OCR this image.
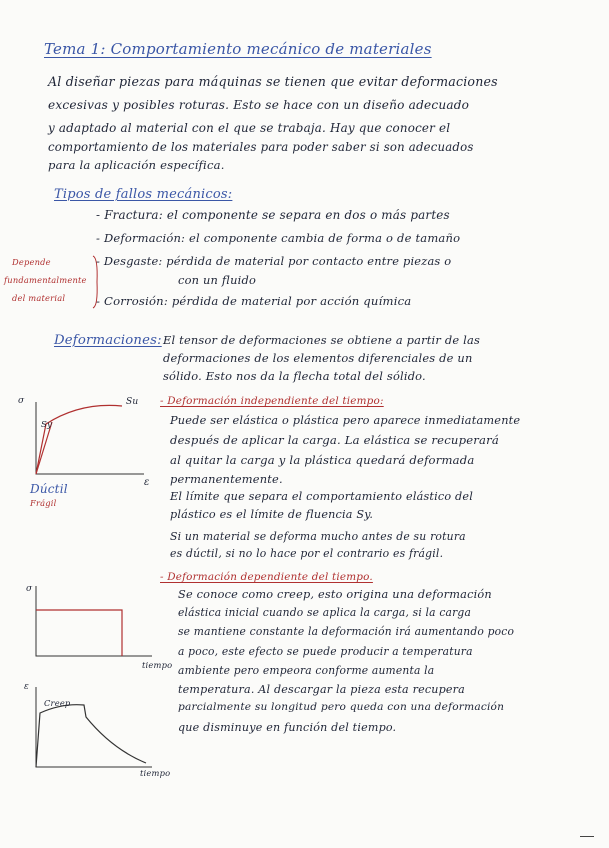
Tema 1: Comportamiento mecánico de materiales
Al diseñar piezas para máquinas se tienen que evitar deformaciones
excesivas y posibles roturas. Esto se hace con un diseño adecuado
y adaptado al material con el que se trabaja. Hay que conocer el
comportamiento de los materiales para poder saber si son adecuados
para la aplicación específica.
Tipos de fallos mecánicos:
- Fractura: el componente se separa en dos o más partes
- Deformación: el componente cambia de forma o de tamaño
- Desgaste: pérdida de material por contacto entre piezas o
con un fluido
- Corrosión: pérdida de material por acción química
Depende
fundamentalmente
del material
Deformaciones: El tensor de deformaciones se obtiene a partir de las
deformaciones de los elementos diferenciales de un
sólido. Esto nos da la flecha total del sólido.
σ	Su
Sy
ε
Dúctil
Frágil
- Deformación independiente del tiempo:
Puede ser elástica o plástica pero aparece inmediatamente
después de aplicar la carga. La elástica se recuperará
al quitar la carga y la plástica quedará deformada
permanentemente.
El límite que separa el comportamiento elástico del
plástico es el límite de fluencia Sy.
Si un material se deforma mucho antes de su rotura
es dúctil, si no lo hace por el contrario es frágil.
σ
tiempo
- Deformación dependiente del tiempo.
Se conoce como creep, esto origina una deformación
elástica inicial cuando se aplica la carga, si la carga
se mantiene constante la deformación irá aumentando poco
a poco, este efecto se puede producir a temperatura
ambiente pero empeora conforme aumenta la
temperatura. Al descargar la pieza esta recupera
parcialmente su longitud pero queda con una deformación
que disminuye en función del tiempo.
ε
Creep
tiempo
